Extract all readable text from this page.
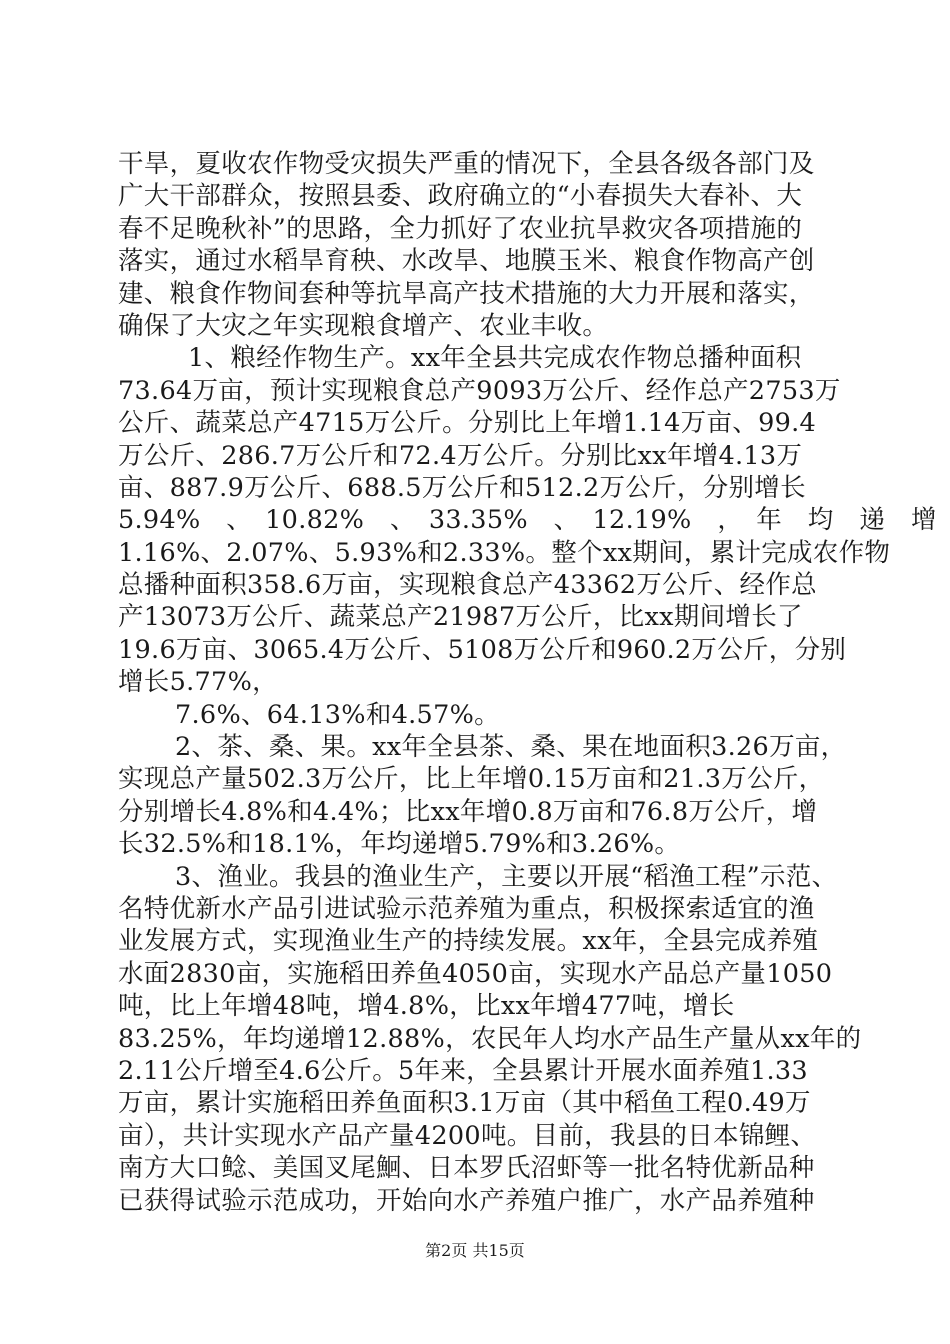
干旱，夏收农作物受灾损失严重的情况下，全县各级各部门及
广大干部群众，按照县委、政府确立的“小春损失大春补、大
春不足晚秋补”的思路，全力抓好了农业抗旱救灾各项措施的
落实，通过水稻旱育秧、水改旱、地膜玉米、粮食作物高产创
建、粮食作物间套种等抗旱高产技术措施的大力开展和落实，
确保了大灾之年实现粮食增产、农业丰收。
1、粮经作物生产。xx年全县共完成农作物总播种面积
73.64万亩，预计实现粮食总产9093万公斤、经作总产2753万
公斤、蔬菜总产4715万公斤。分别比上年增1.14万亩、99.4
万公斤、286.7万公斤和72.4万公斤。分别比xx年增4.13万
亩、887.9万公斤、688.5万公斤和512.2万公斤，分别增长
5.94%　、　10.82%　、　33.35%　、　12.19%　，　年　均　递　增
1.16%、2.07%、5.93%和2.33%。整个xx期间，累计完成农作物
总播种面积358.6万亩，实现粮食总产43362万公斤、经作总
产13073万公斤、蔬菜总产21987万公斤，比xx期间增长了
19.6万亩、3065.4万公斤、5108万公斤和960.2万公斤，分别
增长5.77%，
7.6%、64.13%和4.57%。
2、茶、桑、果。xx年全县茶、桑、果在地面积3.26万亩，
实现总产量502.3万公斤，比上年增0.15万亩和21.3万公斤，
分别增长4.8%和4.4%；比xx年增0.8万亩和76.8万公斤，增
长32.5%和18.1%，年均递增5.79%和3.26%。
3、渔业。我县的渔业生产，主要以开展“稻渔工程”示范、
名特优新水产品引进试验示范养殖为重点，积极探索适宜的渔
业发展方式，实现渔业生产的持续发展。xx年，全县完成养殖
水面2830亩，实施稻田养鱼4050亩，实现水产品总产量1050
吨，比上年增48吨，增4.8%，比xx年增477吨，增长
83.25%，年均递增12.88%，农民年人均水产品生产量从xx年的
2.11公斤增至4.6公斤。5年来，全县累计开展水面养殖1.33
万亩，累计实施稻田养鱼面积3.1万亩（其中稻鱼工程0.49万
亩），共计实现水产品产量4200吨。目前，我县的日本锦鲤、
南方大口鲶、美国叉尾鮰、日本罗氏沼虾等一批名特优新品种
已获得试验示范成功，开始向水产养殖户推广，水产品养殖种
第2页 共15页
